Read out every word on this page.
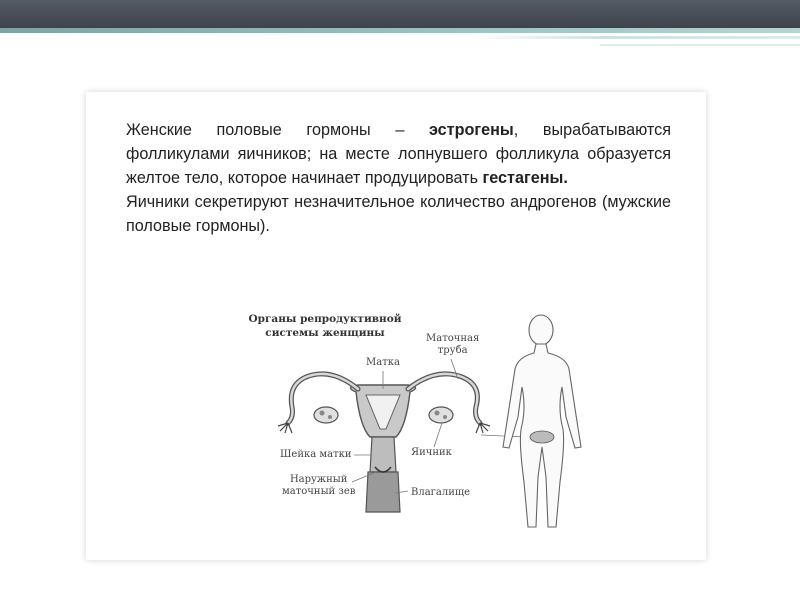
Женские половые гормоны – эстрогены, вырабатываются фолликулами яичников; на месте лопнувшего фолликула образуется желтое тело, которое начинает продуцировать гестагены.

Яичники секретируют незначительное количество андрогенов (мужские половые гормоны).

Органы репродуктивной
системы женщины
Матка
Маточная
труба
Шейка матки	Яичник
Наружный
маточный зев	Влагалище
